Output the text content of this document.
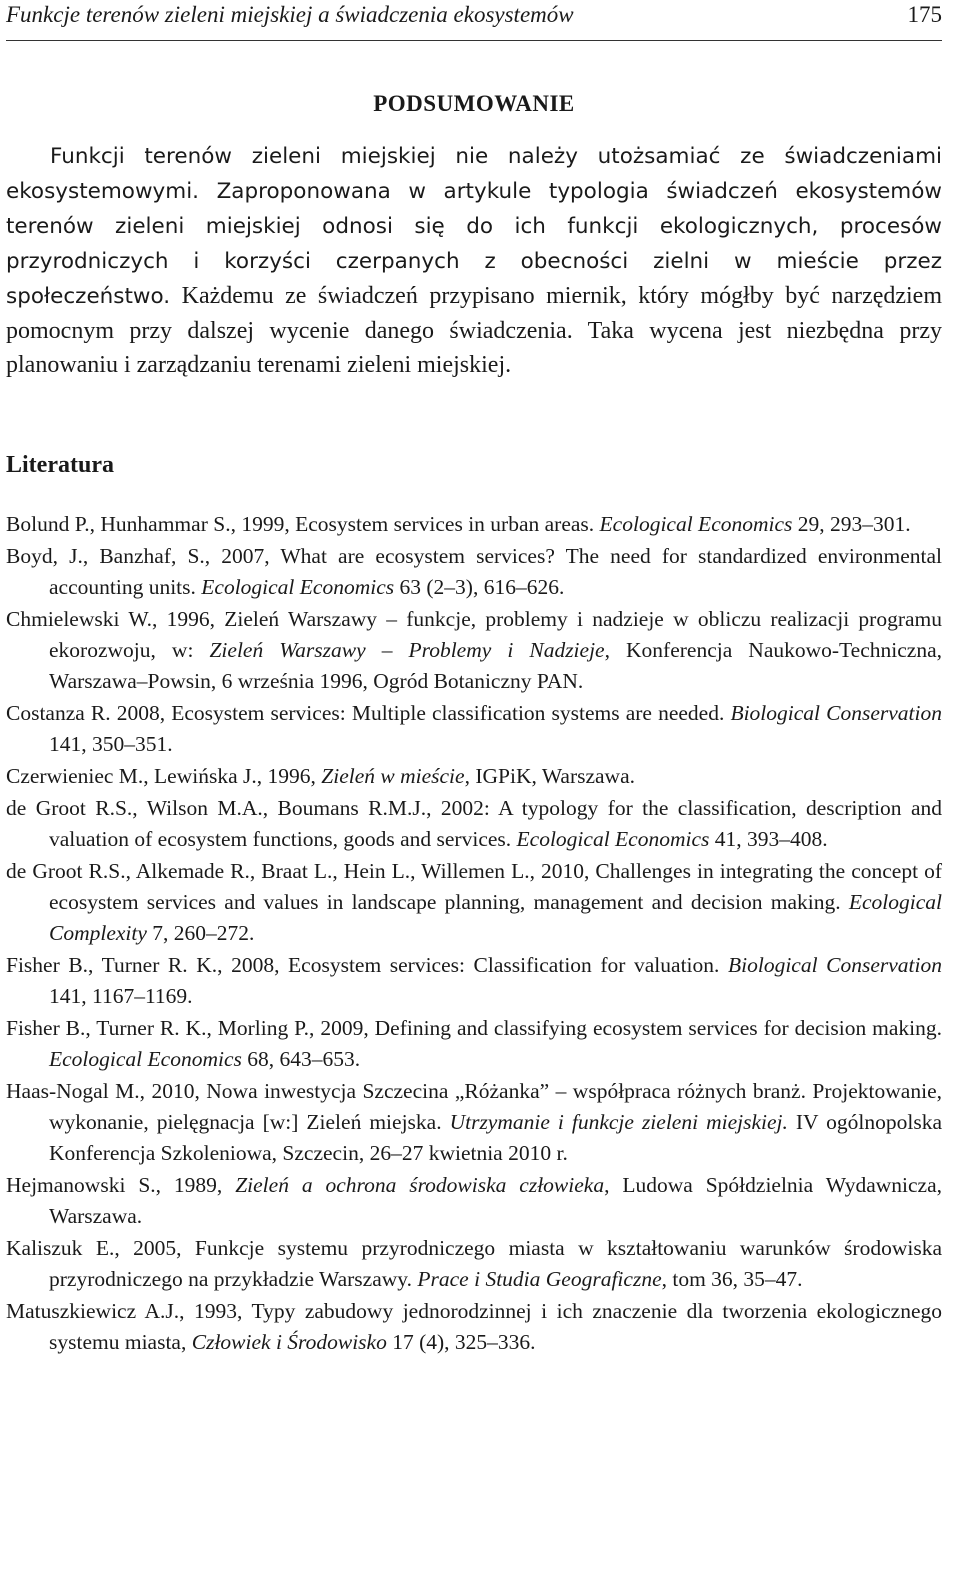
Funkcje terenów zieleni miejskiej a świadczenia ekosystemów	175
PODSUMOWANIE

Funkcji terenów zieleni miejskiej nie należy utożsamiać ze świadczeniami ekosystemowymi. Zaproponowana w artykule typologia świadczeń ekosystemów terenów zieleni miejskiej odnosi się do ich funkcji ekologicznych, procesów przyrodniczych i korzyści czerpanych z obecności zielni w mieście przez społeczeństwo. Każdemu ze świadczeń przypisano miernik, który mógłby być narzędziem pomocnym przy dalszej wycenie danego świadczenia. Taka wycena jest niezbędna przy planowaniu i zarządzaniu terenami zieleni miejskiej.

Literatura
Bolund P., Hunhammar S., 1999, Ecosystem services in urban areas. Ecological Economics 29, 293–301.
Boyd, J., Banzhaf, S., 2007, What are ecosystem services? The need for standardized environmental accounting units. Ecological Economics 63 (2–3), 616–626.
Chmielewski W., 1996, Zieleń Warszawy – funkcje, problemy i nadzieje w obliczu realizacji programu ekorozwoju, w: Zieleń Warszawy – Problemy i Nadzieje, Konferencja Naukowo-Techniczna, Warszawa–Powsin, 6 września 1996, Ogród Botaniczny PAN.
Costanza R. 2008, Ecosystem services: Multiple classification systems are needed. Biological Conservation 141, 350–351.
Czerwieniec M., Lewińska J., 1996, Zieleń w mieście, IGPiK, Warszawa.
de Groot R.S., Wilson M.A., Boumans R.M.J., 2002: A typology for the classification, description and valuation of ecosystem functions, goods and services. Ecological Economics 41, 393–408.
de Groot R.S., Alkemade R., Braat L., Hein L., Willemen L., 2010, Challenges in integrating the concept of ecosystem services and values in landscape planning, management and decision making. Ecological Complexity 7, 260–272.
Fisher B., Turner R. K., 2008, Ecosystem services: Classification for valuation. Biological Conservation 141, 1167–1169.
Fisher B., Turner R. K., Morling P., 2009, Defining and classifying ecosystem services for decision making. Ecological Economics 68, 643–653.
Haas-Nogal M., 2010, Nowa inwestycja Szczecina „Różanka” – współpraca różnych branż. Projektowanie, wykonanie, pielęgnacja [w:] Zieleń miejska. Utrzymanie i funkcje zieleni miejskiej. IV ogólnopolska Konferencja Szkoleniowa, Szczecin, 26–27 kwietnia 2010 r.
Hejmanowski S., 1989, Zieleń a ochrona środowiska człowieka, Ludowa Spółdzielnia Wydawnicza, Warszawa.
Kaliszuk E., 2005, Funkcje systemu przyrodniczego miasta w kształtowaniu warunków środowiska przyrodniczego na przykładzie Warszawy. Prace i Studia Geograficzne, tom 36, 35–47.
Matuszkiewicz A.J., 1993, Typy zabudowy jednorodzinnej i ich znaczenie dla tworzenia ekologicznego systemu miasta, Człowiek i Środowisko 17 (4), 325–336.
